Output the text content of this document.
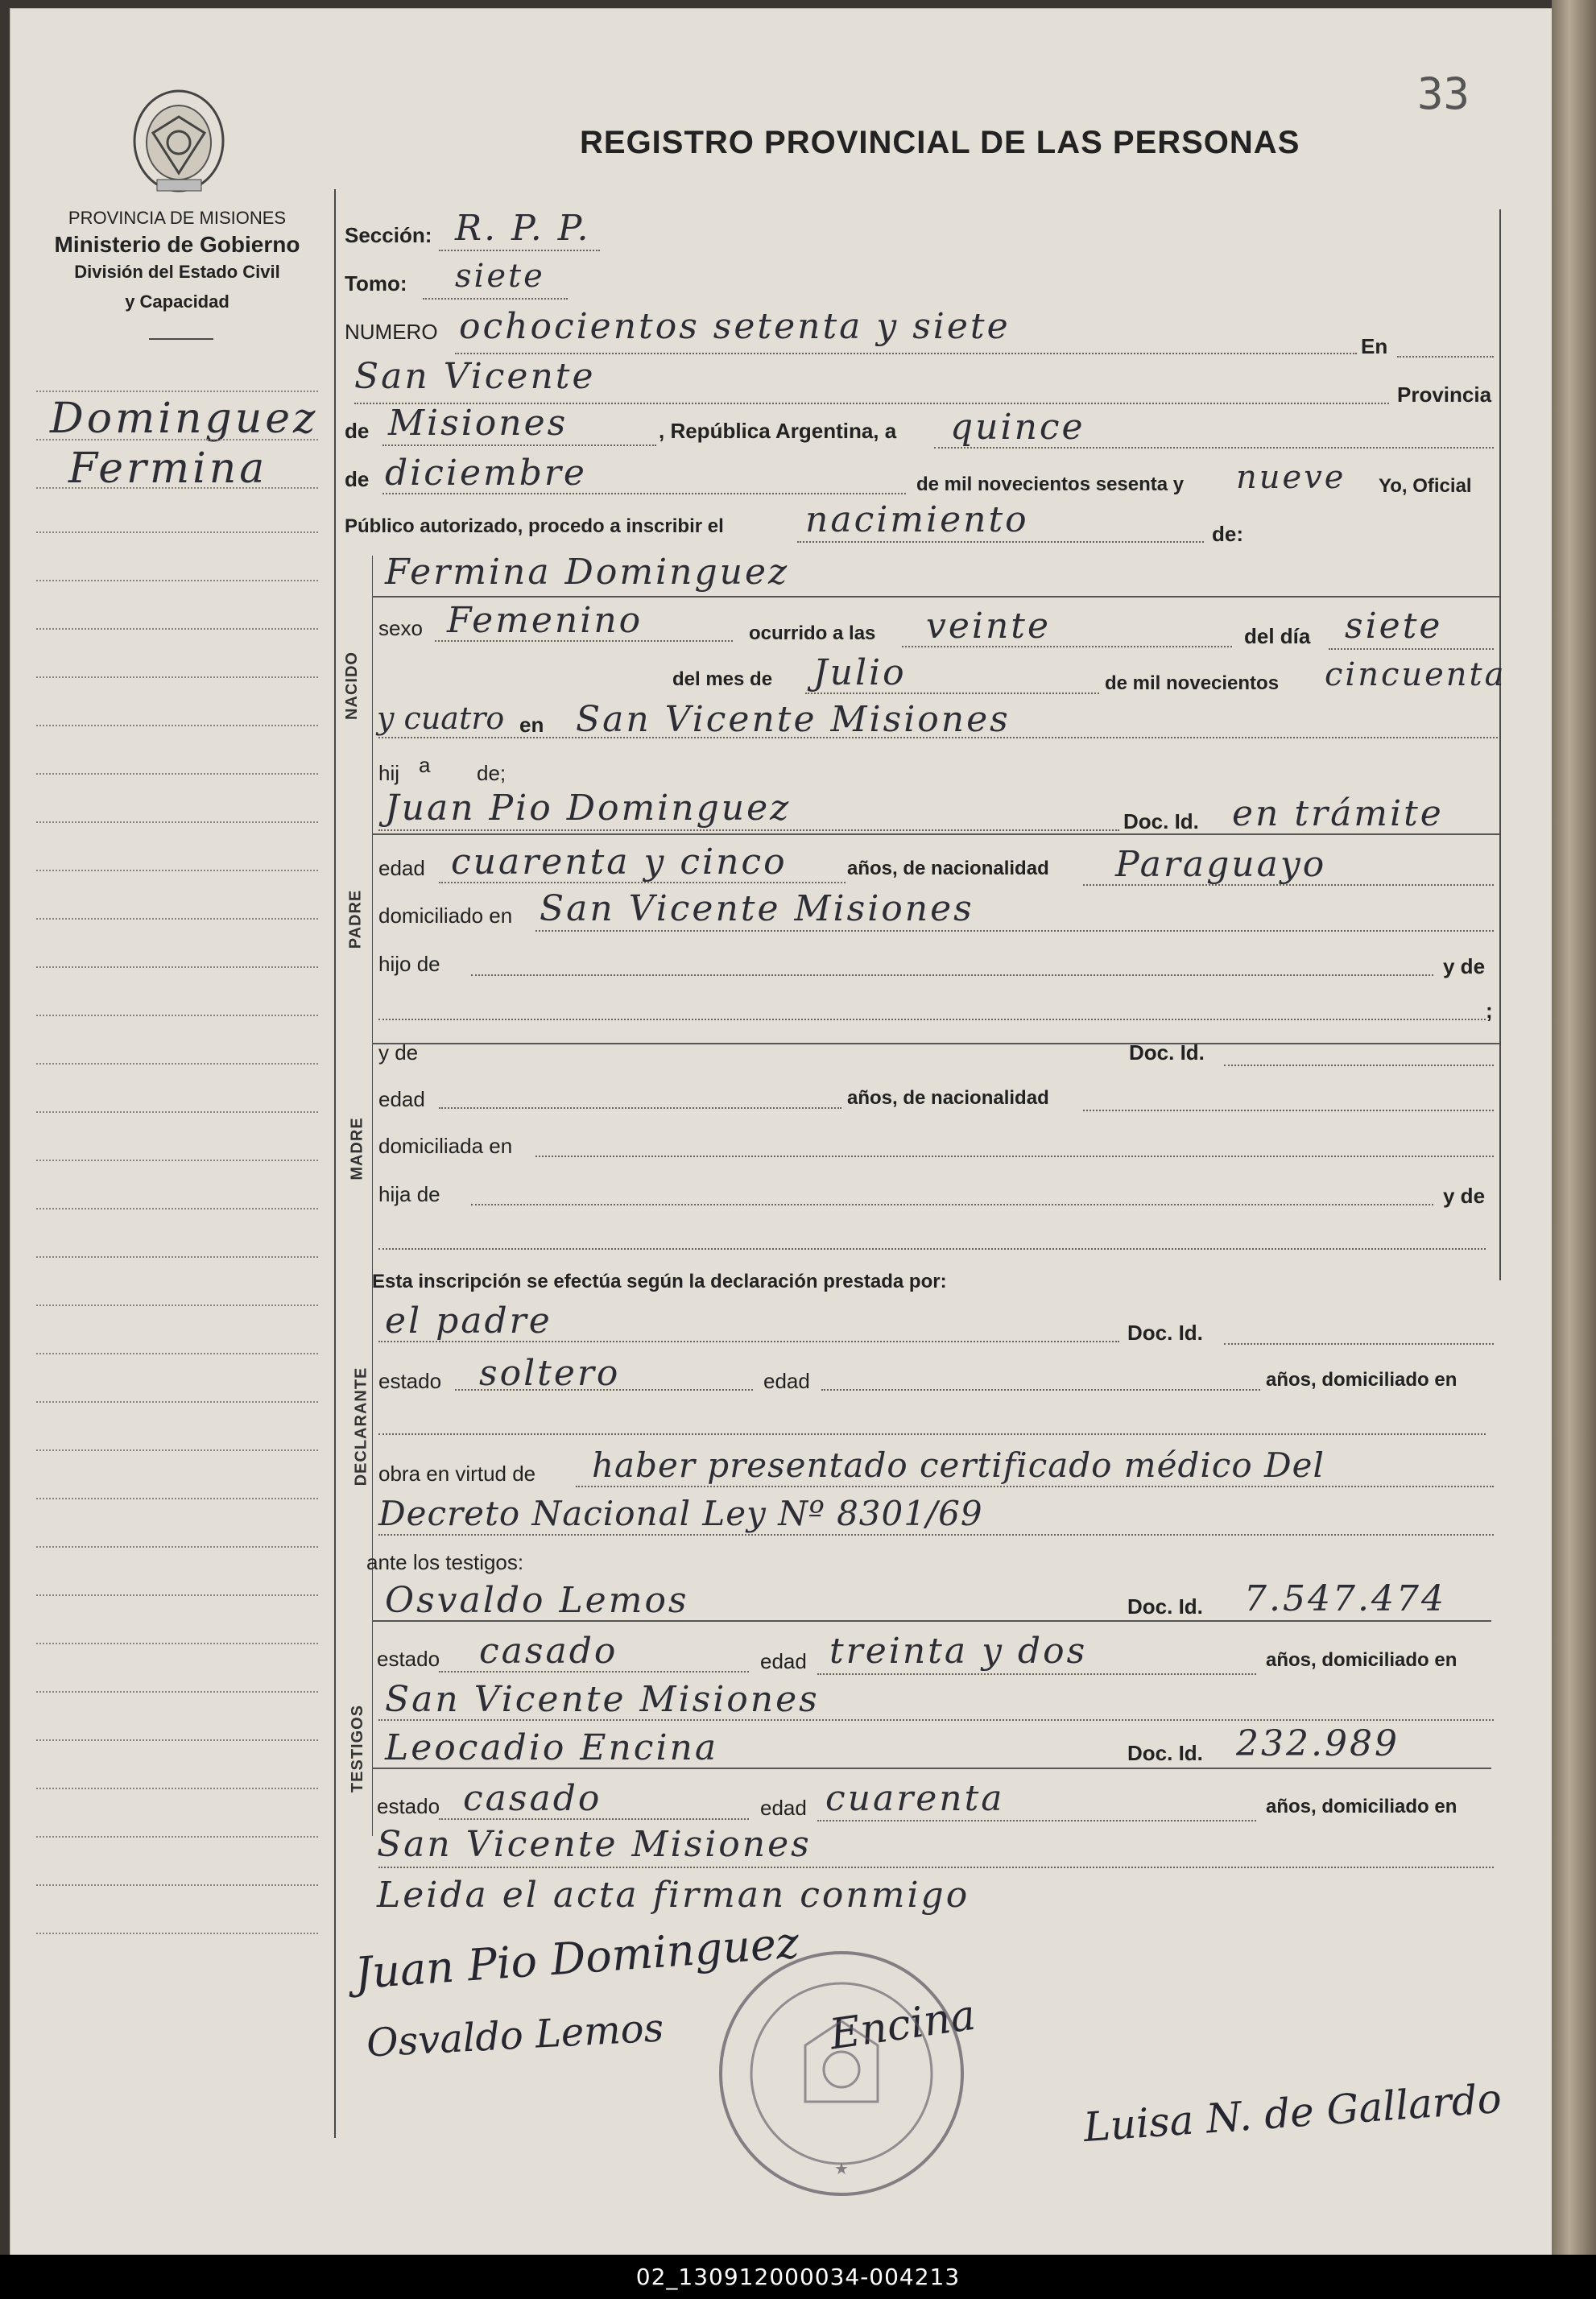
PROVINCIA DE MISIONES
Ministerio de Gobierno
División del Estado Civil
y Capacidad
REGISTRO PROVINCIAL DE LAS PERSONAS
33
Dominguez
Fermina
Sección: R. P. P.
Tomo: siete
NUMERO ochocientos setenta y siete	En
San Vicente	Provincia
de Misiones	, República Argentina, a quince
de diciembre	de mil novecientos sesenta y nueve Yo, Oficial
Público autorizado, procedo a inscribir el nacimiento	de:
NACIDO
Fermina Dominguez
sexo Femenino	ocurrido a las veinte	del día siete
del mes de Julio	de mil novecientos cincuenta
y cuatro en San Vicente Misiones
hij a de;
PADRE
Juan Pio Dominguez	Doc. Id. en trámite
edad cuarenta y cinco	años, de nacionalidad Paraguayo
domiciliado en San Vicente Misiones
hijo de	y de
;
MADRE
y de	Doc. Id.
edad	años, de nacionalidad
domiciliada en
hija de	y de
Esta inscripción se efectúa según la declaración prestada por:
DECLARANTE
el padre	Doc. Id.
estado soltero	edad	años, domiciliado en
obra en virtud de haber presentado certificado médico Del
Decreto Nacional Ley Nº 8301/69
ante los testigos:
TESTIGOS
Osvaldo Lemos	Doc. Id. 7.547.474
estado casado	edad treinta y dos	años, domiciliado en
San Vicente Misiones
Leocadio Encina	Doc. Id. 232.989
estado casado	edad cuarenta	años, domiciliado en
San Vicente Misiones
Leida el acta firman conmigo
Juan Pio Dominguez
Osvaldo Lemos	Encina
Luisa N. de Gallardo
★
02_130912000034-004213
